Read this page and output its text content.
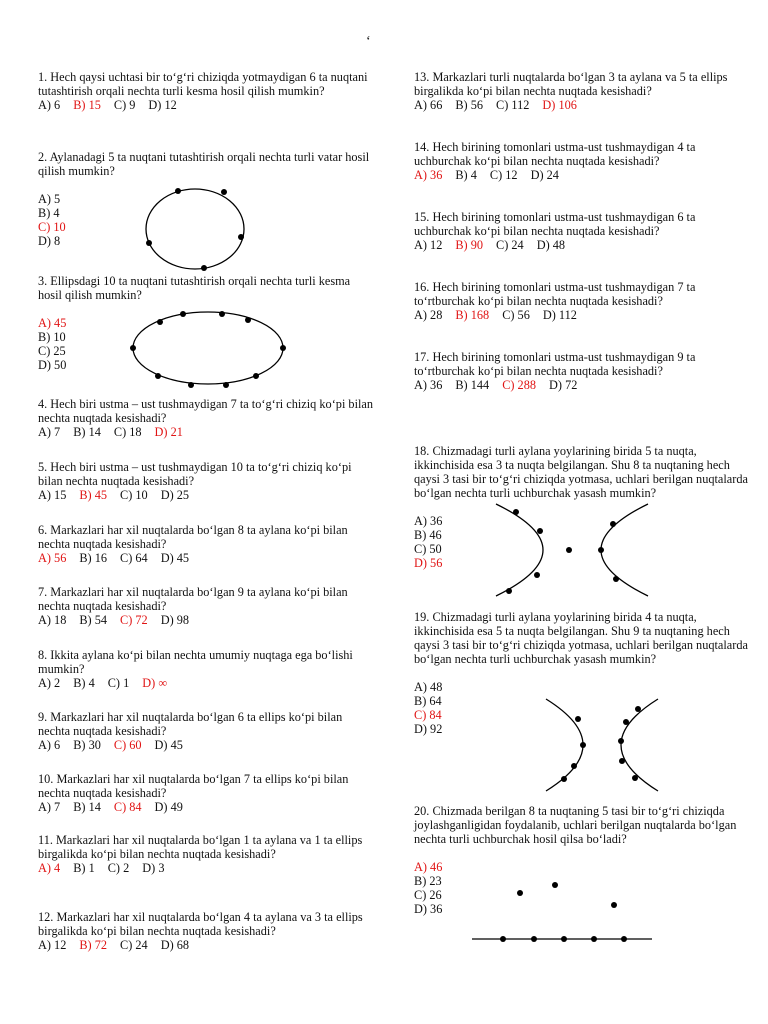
‘
1. Hech qaysi uchtasi bir to‘g‘ri chiziqda yotmaydigan 6 ta nuqtani tutashtirish orqali nechta turli kesma hosil qilish mumkin?
A) 6 B) 15 C) 9 D) 12
2. Aylanadagi 5 ta nuqtani tutashtirish orqali nechta turli vatar hosil qilish mumkin?
A) 5
B) 4
C) 10
D) 8
3. Ellipsdagi 10 ta nuqtani tutashtirish orqali nechta turli kesma hosil qilish mumkin?
A) 45
B) 10
C) 25
D) 50
4. Hech biri ustma – ust tushmaydigan 7 ta to‘g‘ri chiziq ko‘pi bilan nechta nuqtada kesishadi?
A) 7 B) 14 C) 18 D) 21
5. Hech biri ustma – ust tushmaydigan 10 ta to‘g‘ri chiziq ko‘pi bilan nechta nuqtada kesishadi?
A) 15 B) 45 C) 10 D) 25
6. Markazlari har xil nuqtalarda bo‘lgan 8 ta aylana ko‘pi bilan nechta nuqtada kesishadi?
A) 56 B) 16 C) 64 D) 45
7. Markazlari har xil nuqtalarda bo‘lgan 9 ta aylana ko‘pi bilan nechta nuqtada kesishadi?
A) 18 B) 54 C) 72 D) 98
8. Ikkita aylana ko‘pi bilan nechta umumiy nuqtaga ega bo‘lishi mumkin?
A) 2 B) 4 C) 1 D) ∞
9. Markazlari har xil nuqtalarda bo‘lgan 6 ta ellips ko‘pi bilan nechta nuqtada kesishadi?
A) 6 B) 30 C) 60 D) 45
10. Markazlari har xil nuqtalarda bo‘lgan 7 ta ellips ko‘pi bilan nechta nuqtada kesishadi?
A) 7 B) 14 C) 84 D) 49
11. Markazlari har xil nuqtalarda bo‘lgan 1 ta aylana va 1 ta ellips birgalikda ko‘pi bilan nechta nuqtada kesishadi?
A) 4 B) 1 C) 2 D) 3
12. Markazlari har xil nuqtalarda bo‘lgan 4 ta aylana va 3 ta ellips birgalikda ko‘pi bilan nechta nuqtada kesishadi?
A) 12 B) 72 C) 24 D) 68
13. Markazlari turli nuqtalarda bo‘lgan 3 ta aylana va 5 ta ellips birgalikda ko‘pi bilan nechta nuqtada kesishadi?
A) 66 B) 56 C) 112 D) 106
14. Hech birining tomonlari ustma-ust tushmaydigan 4 ta uchburchak ko‘pi bilan nechta nuqtada kesishadi?
A) 36 B) 4 C) 12 D) 24
15. Hech birining tomonlari ustma-ust tushmaydigan 6 ta uchburchak ko‘pi bilan nechta nuqtada kesishadi?
A) 12 B) 90 C) 24 D) 48
16. Hech birining tomonlari ustma-ust tushmaydigan 7 ta to‘rtburchak ko‘pi bilan nechta nuqtada kesishadi?
A) 28 B) 168 C) 56 D) 112
17. Hech birining tomonlari ustma-ust tushmaydigan 9 ta to‘rtburchak ko‘pi bilan nechta nuqtada kesishadi?
A) 36 B) 144 C) 288 D) 72
18. Chizmadagi turli aylana yoylarining birida 5 ta nuqta, ikkinchisida esa 3 ta nuqta belgilangan. Shu 8 ta nuqtaning hech qaysi 3 tasi bir to‘g‘ri chiziqda yotmasa, uchlari berilgan nuqtalarda bo‘lgan nechta turli uchburchak yasash mumkin?
A) 36
B) 46
C) 50
D) 56
19. Chizmadagi turli aylana yoylarining birida 4 ta nuqta, ikkinchisida esa 5 ta nuqta belgilangan. Shu 9 ta nuqtaning hech qaysi 3 tasi bir to‘g‘ri chiziqda yotmasa, uchlari berilgan nuqtalarda bo‘lgan nechta turli uchburchak yasash mumkin?
A) 48
B) 64
C) 84
D) 92
20. Chizmada berilgan 8 ta nuqtaning 5 tasi bir to‘g‘ri chiziqda joylashganligidan foydalanib, uchlari berilgan nuqtalarda bo‘lgan nechta turli uchburchak hosil qilsa bo‘ladi?
A) 46
B) 23
C) 26
D) 36
